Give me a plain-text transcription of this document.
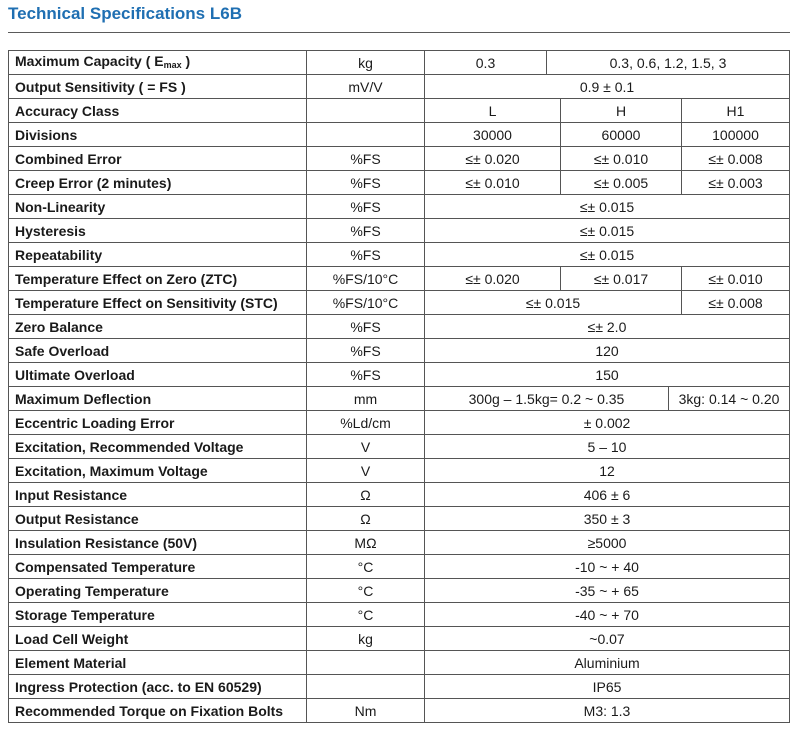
Technical Specifications L6B
Maximum Capacity ( $E_{max}$ )	kg	0.3	0.3, 0.6, 1.2, 1.5, 3			
Output Sensitivity ( = FS )	mV/V	0.9 ± 0.1				
Accuracy Class		L		H		H1
Divisions		30000		60000		100000
Combined Error	%FS	≤± 0.020		≤± 0.010		≤± 0.008
Creep Error (2 minutes)	%FS	≤± 0.010		≤± 0.005		≤± 0.003
Non-Linearity	%FS	≤± 0.015				
Hysteresis	%FS	≤± 0.015				
Repeatability	%FS	≤± 0.015				
Temperature Effect on Zero (ZTC)	%FS/10°C	≤± 0.020		≤± 0.017		≤± 0.010
Temperature Effect on Sensitivity (STC)	%FS/10°C	≤± 0.015				≤± 0.008
Zero Balance	%FS	≤± 2.0				
Safe Overload	%FS	120				
Ultimate Overload	%FS	150				
Maximum Deflection	mm	300g – 1.5kg= 0.2 ~ 0.35			3kg: 0.14 ~ 0.20	
Eccentric Loading Error	%Ld/cm	± 0.002				
Excitation, Recommended Voltage	V	5 – 10				
Excitation, Maximum Voltage	V	12				
Input Resistance	Ω	406 ± 6				
Output Resistance	Ω	350 ± 3				
Insulation Resistance (50V)	MΩ	≥5000				
Compensated Temperature	°C	-10 ~ + 40				
Operating Temperature	°C	-35 ~ + 65				
Storage Temperature	°C	-40 ~ + 70				
Load Cell Weight	kg	~0.07				
Element Material		Aluminium				
Ingress Protection (acc. to EN 60529)		IP65				
Recommended Torque on Fixation Bolts	Nm	M3: 1.3				
